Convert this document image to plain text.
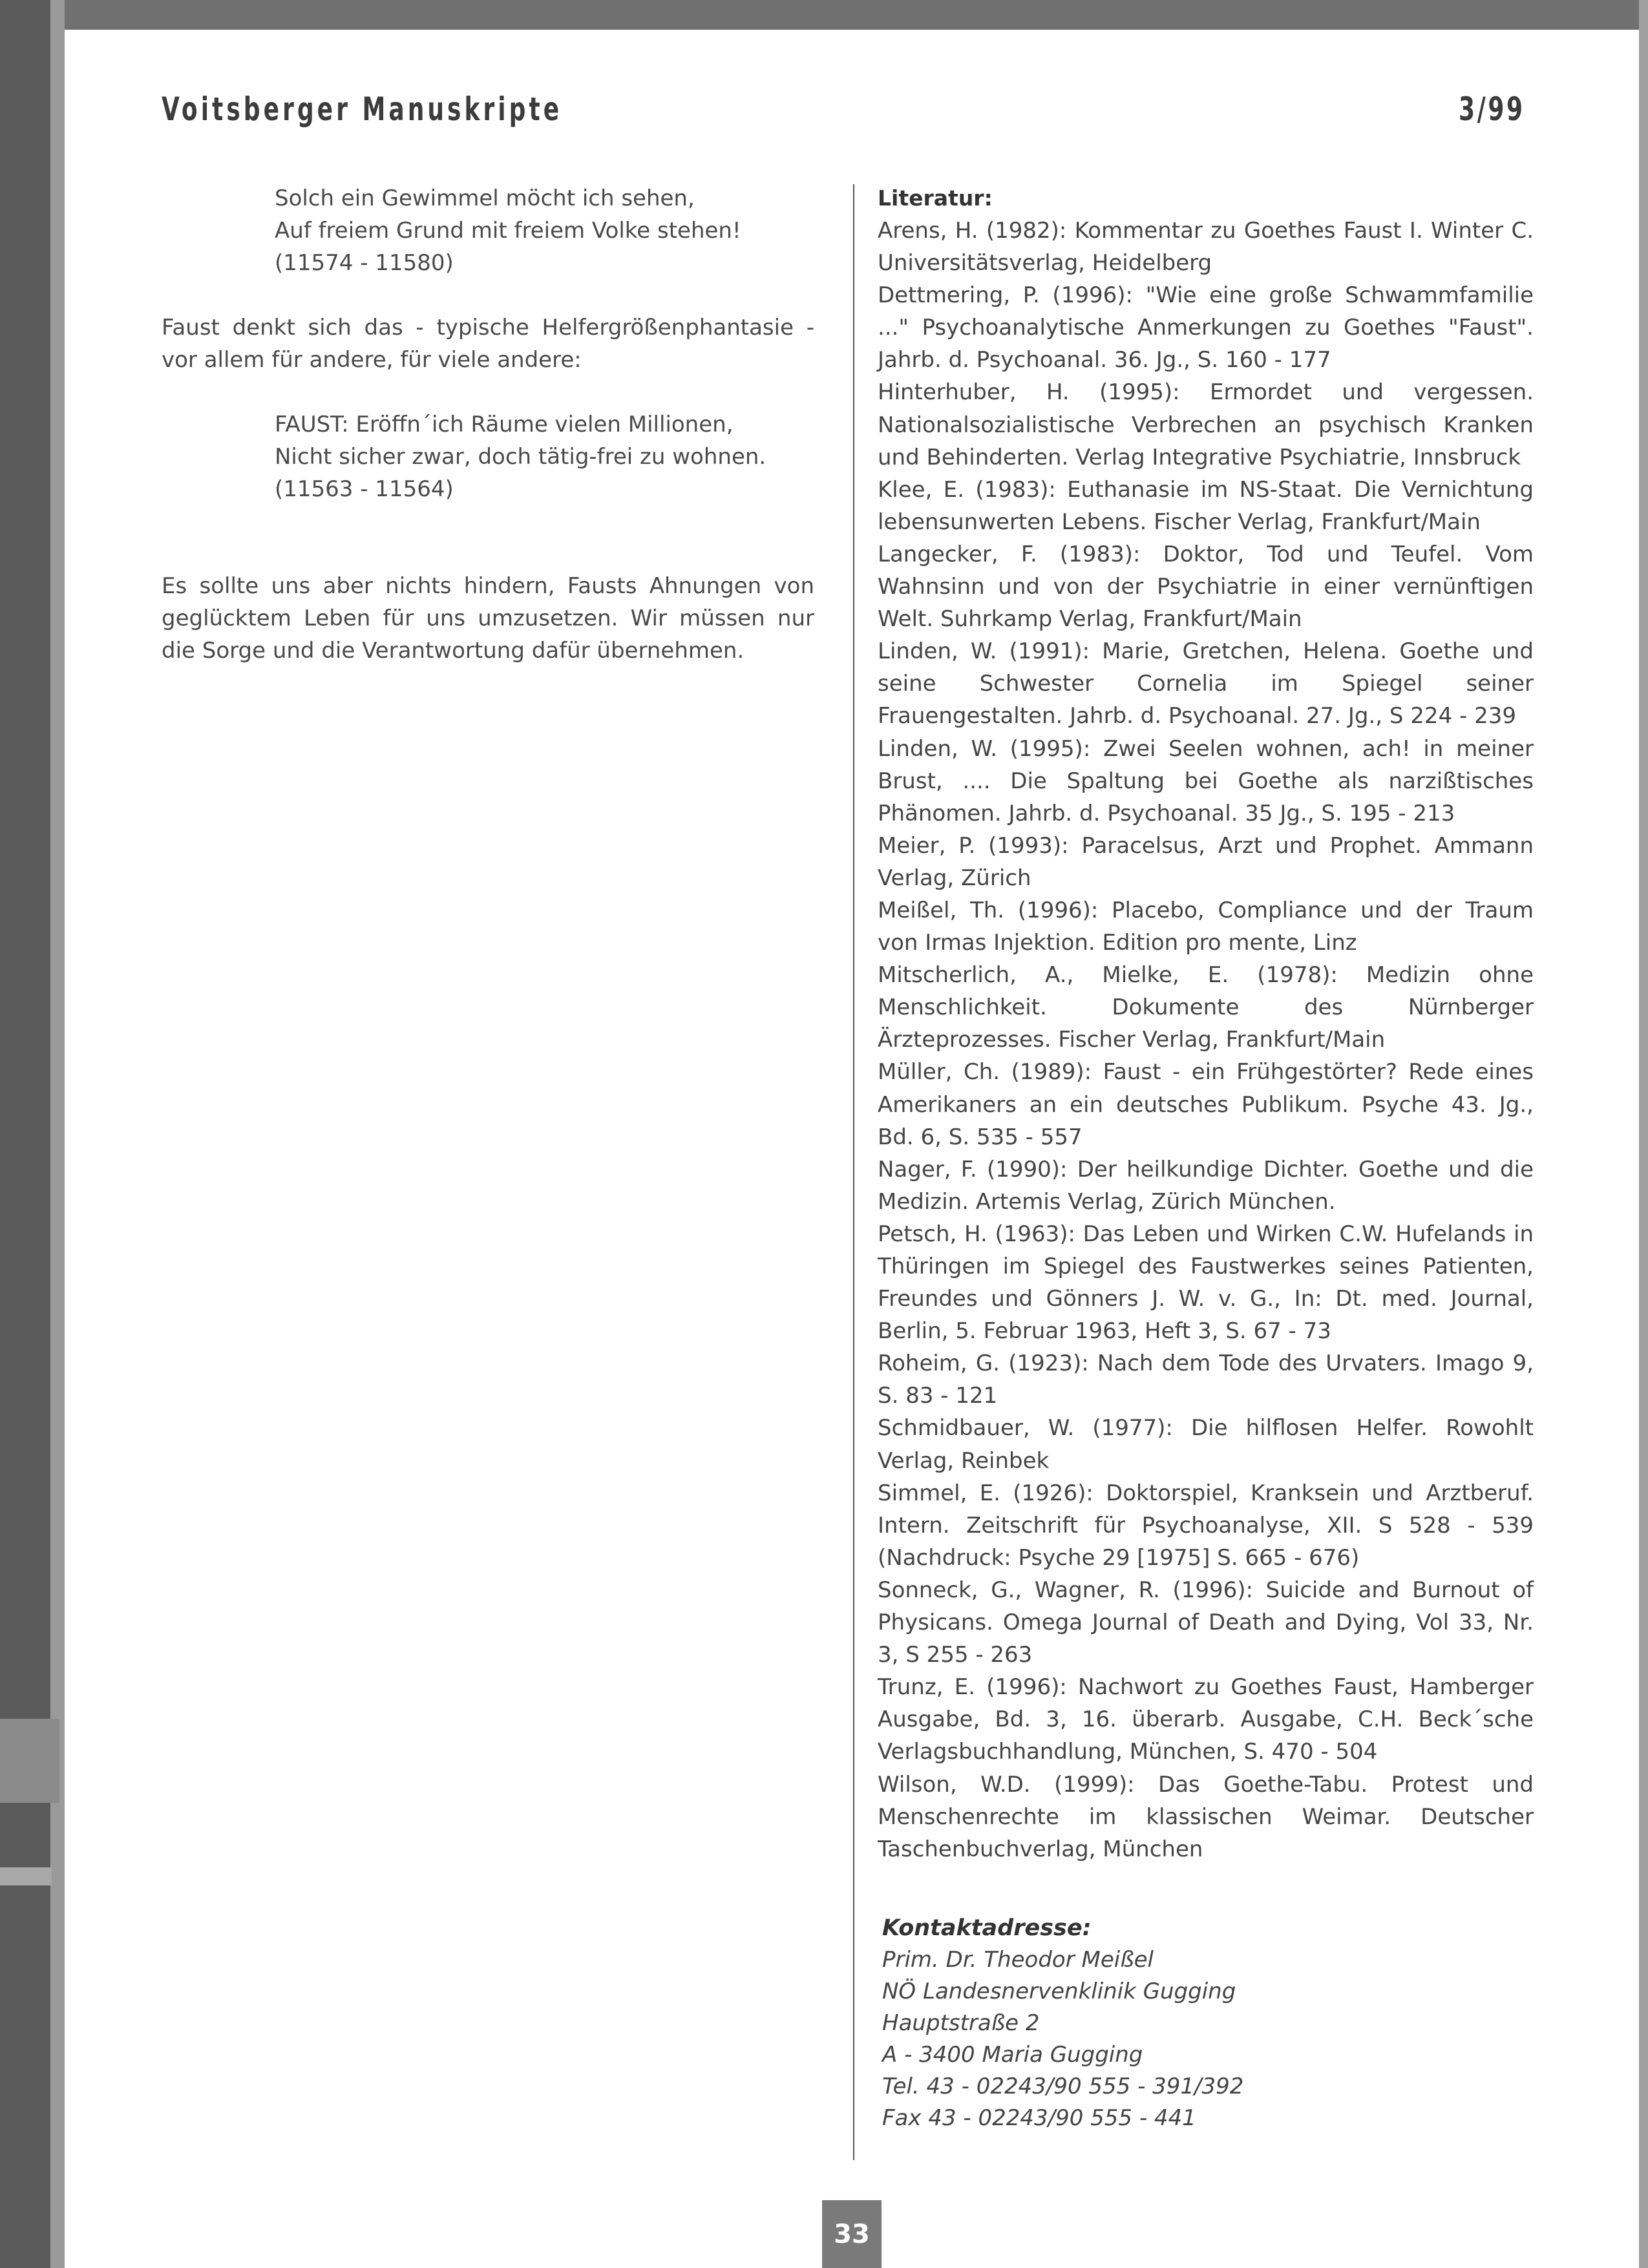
Voitsberger Manuskripte	3/99
Solch ein Gewimmel möcht ich sehen,
Auf freiem Grund mit freiem Volke stehen!
(11574 - 11580)

Faust denkt sich das - typische Helfergrößenphantasie - vor allem für andere, für viele andere:

FAUST: Eröffn´ich Räume vielen Millionen,
Nicht sicher zwar, doch tätig-frei zu wohnen.
(11563 - 11564)

Es sollte uns aber nichts hindern, Fausts Ahnungen von geglücktem Leben für uns umzusetzen. Wir müssen nur die Sorge und die Verantwortung dafür übernehmen.

Literatur:

Arens, H. (1982): Kommentar zu Goethes Faust I. Winter C. Universitätsverlag, Heidelberg

Dettmering, P. (1996): "Wie eine große Schwammfamilie ..." Psychoanalytische Anmerkungen zu Goethes "Faust". Jahrb. d. Psychoanal. 36. Jg., S. 160 - 177

Hinterhuber, H. (1995): Ermordet und vergessen. Nationalsozialistische Verbrechen an psychisch Kranken und Behinderten. Verlag Integrative Psychiatrie, Innsbruck

Klee, E. (1983): Euthanasie im NS-Staat. Die Vernichtung lebensunwerten Lebens. Fischer Verlag, Frankfurt/Main

Langecker, F. (1983): Doktor, Tod und Teufel. Vom Wahnsinn und von der Psychiatrie in einer vernünftigen Welt. Suhrkamp Verlag, Frankfurt/Main

Linden, W. (1991): Marie, Gretchen, Helena. Goethe und seine Schwester Cornelia im Spiegel seiner Frauengestalten. Jahrb. d. Psychoanal. 27. Jg., S 224 - 239

Linden, W. (1995): Zwei Seelen wohnen, ach! in meiner Brust, .... Die Spaltung bei Goethe als narzißtisches Phänomen. Jahrb. d. Psychoanal. 35 Jg., S. 195 - 213

Meier, P. (1993): Paracelsus, Arzt und Prophet. Ammann Verlag, Zürich

Meißel, Th. (1996): Placebo, Compliance und der Traum von Irmas Injektion. Edition pro mente, Linz

Mitscherlich, A., Mielke, E. (1978): Medizin ohne Menschlichkeit. Dokumente des Nürnberger Ärzteprozesses. Fischer Verlag, Frankfurt/Main

Müller, Ch. (1989): Faust - ein Frühgestörter? Rede eines Amerikaners an ein deutsches Publikum. Psyche 43. Jg., Bd. 6, S. 535 - 557

Nager, F. (1990): Der heilkundige Dichter. Goethe und die Medizin. Artemis Verlag, Zürich München.

Petsch, H. (1963): Das Leben und Wirken C.W. Hufelands in Thüringen im Spiegel des Faustwerkes seines Patienten, Freundes und Gönners J. W. v. G., In: Dt. med. Journal, Berlin, 5. Februar 1963, Heft 3, S. 67 - 73

Roheim, G. (1923): Nach dem Tode des Urvaters. Imago 9, S. 83 - 121

Schmidbauer, W. (1977): Die hilflosen Helfer. Rowohlt Verlag, Reinbek

Simmel, E. (1926): Doktorspiel, Kranksein und Arztberuf. Intern. Zeitschrift für Psychoanalyse, XII. S 528 - 539 (Nachdruck: Psyche 29 [1975] S. 665 - 676)

Sonneck, G., Wagner, R. (1996): Suicide and Burnout of Physicans. Omega Journal of Death and Dying, Vol 33, Nr. 3, S 255 - 263

Trunz, E. (1996): Nachwort zu Goethes Faust, Hamberger Ausgabe, Bd. 3, 16. überarb. Ausgabe, C.H. Beck´sche Verlagsbuchhandlung, München, S. 470 - 504

Wilson, W.D. (1999): Das Goethe-Tabu. Protest und Menschenrechte im klassischen Weimar. Deutscher Taschenbuchverlag, München

Kontaktadresse:
Prim. Dr. Theodor Meißel
NÖ Landesnervenklinik Gugging
Hauptstraße 2
A - 3400 Maria Gugging
Tel. 43 - 02243/90 555 - 391/392
Fax 43 - 02243/90 555 - 441
33
